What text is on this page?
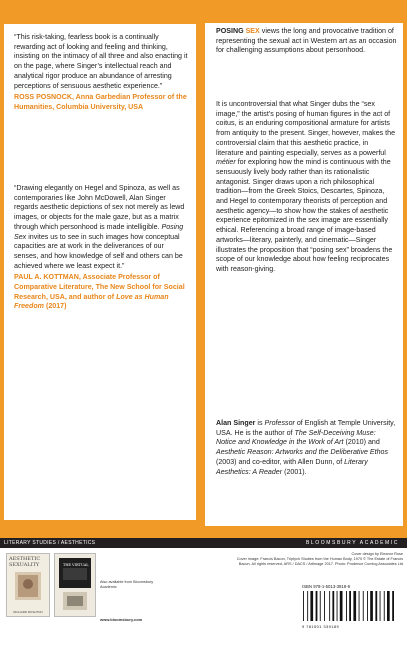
“This risk-taking, fearless book is a continually rewarding act of looking and feeling and thinking, insisting on the intimacy of all three and also enacting it on the page, where Singer’s intellectual reach and analytical rigor produce an abundance of arresting perceptions of sensuous aesthetic experience.”

ROSS POSNOCK, Anna Garbedian Professor of the Humanities, Columbia University, USA

“Drawing elegantly on Hegel and Spinoza, as well as contemporaries like John McDowell, Alan Singer regards aesthetic depictions of sex not merely as lewd images, or objects for the male gaze, but as a matrix through which personhood is made intelligible. Posing Sex invites us to see in such images how conceptual capacities are at work in the deliverances of our senses, and how knowledge of self and others can be achieved where we least expect it.”

PAUL A. KOTTMAN, Associate Professor of Comparative Literature, The New School for Social Research, USA, and author of Love as Human Freedom (2017)

POSING SEX views the long and provocative tradition of representing the sexual act in Western art as an occasion for challenging assumptions about personhood.

It is uncontroversial that what Singer dubs the “sex image,” the artist’s posing of human figures in the act of coitus, is an enduring compositional armature for artists from antiquity to the present. Singer, however, makes the controversial claim that this aesthetic practice, in literature and painting especially, serves as a powerful métier for exploring how the mind is continuous with the sensuously lively body rather than its rationalistic antagonist. Singer draws upon a rich philosophical tradition—from the Greek Stoics, Descartes, Spinoza, and Hegel to contemporary theorists of perception and aesthetic agency—to show how the stakes of aesthetic experience epitomized in the sex image are essentially ethical. Referencing a broad range of image-based artworks—literary, painterly, and cinematic—Singer illustrates the proposition that “posing sex” broadens the scope of our knowledge about how feeling reciprocates with reason-giving.

Alan Singer is Professor of English at Temple University, USA. He is the author of The Self-Deceiving Muse: Notice and Knowledge in the Work of Art (2010) and Aesthetic Reason: Artworks and the Deliberative Ethos (2003) and co-editor, with Allen Dunn, of Literary Aesthetics: A Reader (2001).

LITERARY STUDIES / AESTHETICS	BLOOMSBURY ACADEMIC
AESTHETIC SEXUALITY
RICHARD RUSHTON
THE VIRTUAL
Also available from Bloomsbury Academic
www.bloomsbury.com
Cover design by Eleanor Rose
Cover image: Francis Bacon, Triptych Studies from the Human Body, 1970 © The Estate of Francis Bacon. All rights reserved, ARS / DACS / Artimage 2017. Photo: Prudence Cuming Associates Ltd
ISBN 978-1-5013-3918-9
9 781501 339189
